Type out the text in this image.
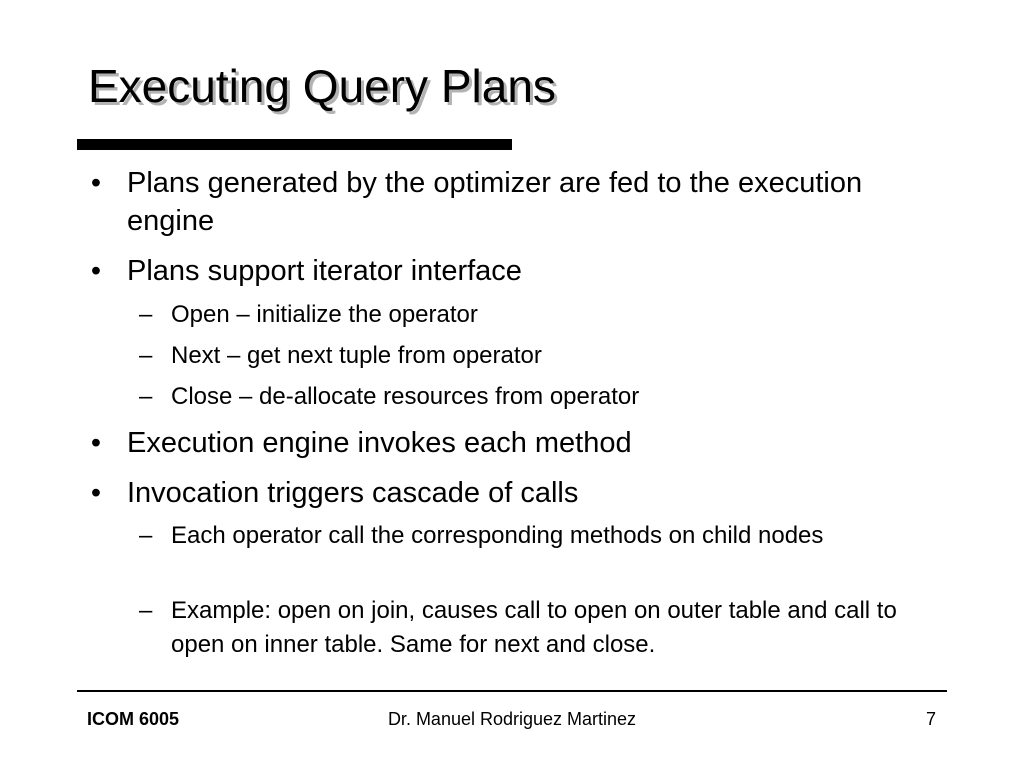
Executing Query Plans
• Plans generated by the optimizer are fed to the execution engine
• Plans support iterator interface
– Open – initialize the operator
– Next – get next tuple from operator
– Close – de-allocate resources from operator
• Execution engine invokes each method
• Invocation triggers cascade of calls
– Each operator call the corresponding methods on child nodes
– Example: open on join, causes call to open on outer table and call to open on inner table. Same for next and close.
ICOM 6005	Dr. Manuel Rodriguez Martinez	7
